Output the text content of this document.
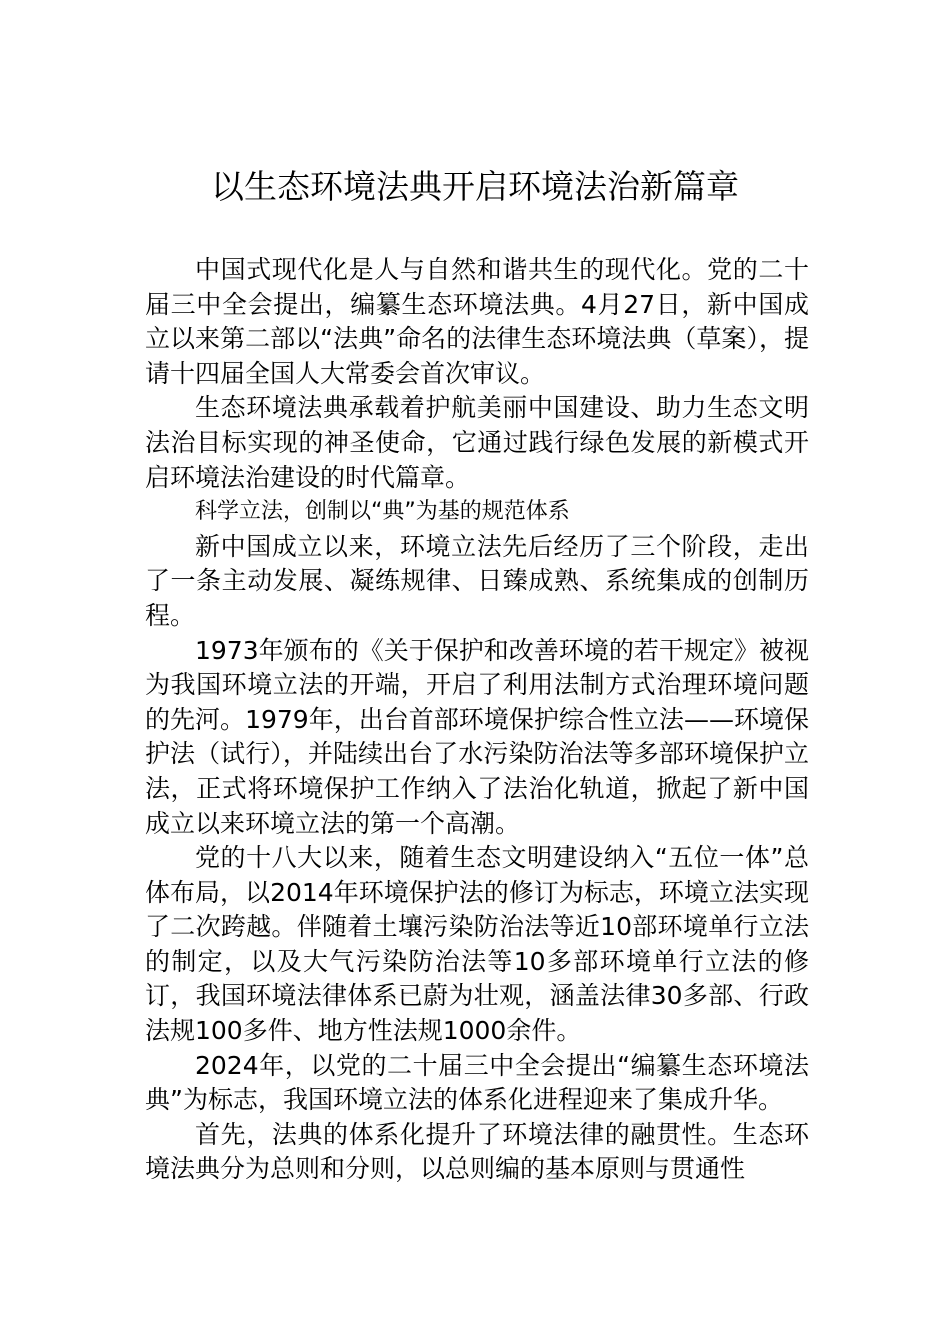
以生态环境法典开启环境法治新篇章

中国式现代化是人与自然和谐共生的现代化。党的二十届三中全会提出，编纂生态环境法典。4月27日，新中国成立以来第二部以“法典”命名的法律生态环境法典（草案），提请十四届全国人大常委会首次审议。

生态环境法典承载着护航美丽中国建设、助力生态文明法治目标实现的神圣使命，它通过践行绿色发展的新模式开启环境法治建设的时代篇章。

科学立法，创制以“典”为基的规范体系

新中国成立以来，环境立法先后经历了三个阶段，走出了一条主动发展、凝练规律、日臻成熟、系统集成的创制历程。

1973年颁布的《关于保护和改善环境的若干规定》被视为我国环境立法的开端，开启了利用法制方式治理环境问题的先河。1979年，出台首部环境保护综合性立法——环境保护法（试行），并陆续出台了水污染防治法等多部环境保护立法，正式将环境保护工作纳入了法治化轨道，掀起了新中国成立以来环境立法的第一个高潮。

党的十八大以来，随着生态文明建设纳入“五位一体”总体布局，以2014年环境保护法的修订为标志，环境立法实现了二次跨越。伴随着土壤污染防治法等近10部环境单行立法的制定，以及大气污染防治法等10多部环境单行立法的修订，我国环境法律体系已蔚为壮观，涵盖法律30多部、行政法规100多件、地方性法规1000余件。

2024年，以党的二十届三中全会提出“编纂生态环境法典”为标志，我国环境立法的体系化进程迎来了集成升华。

首先，法典的体系化提升了环境法律的融贯性。生态环境法典分为总则和分则，以总则编的基本原则与贯通性
